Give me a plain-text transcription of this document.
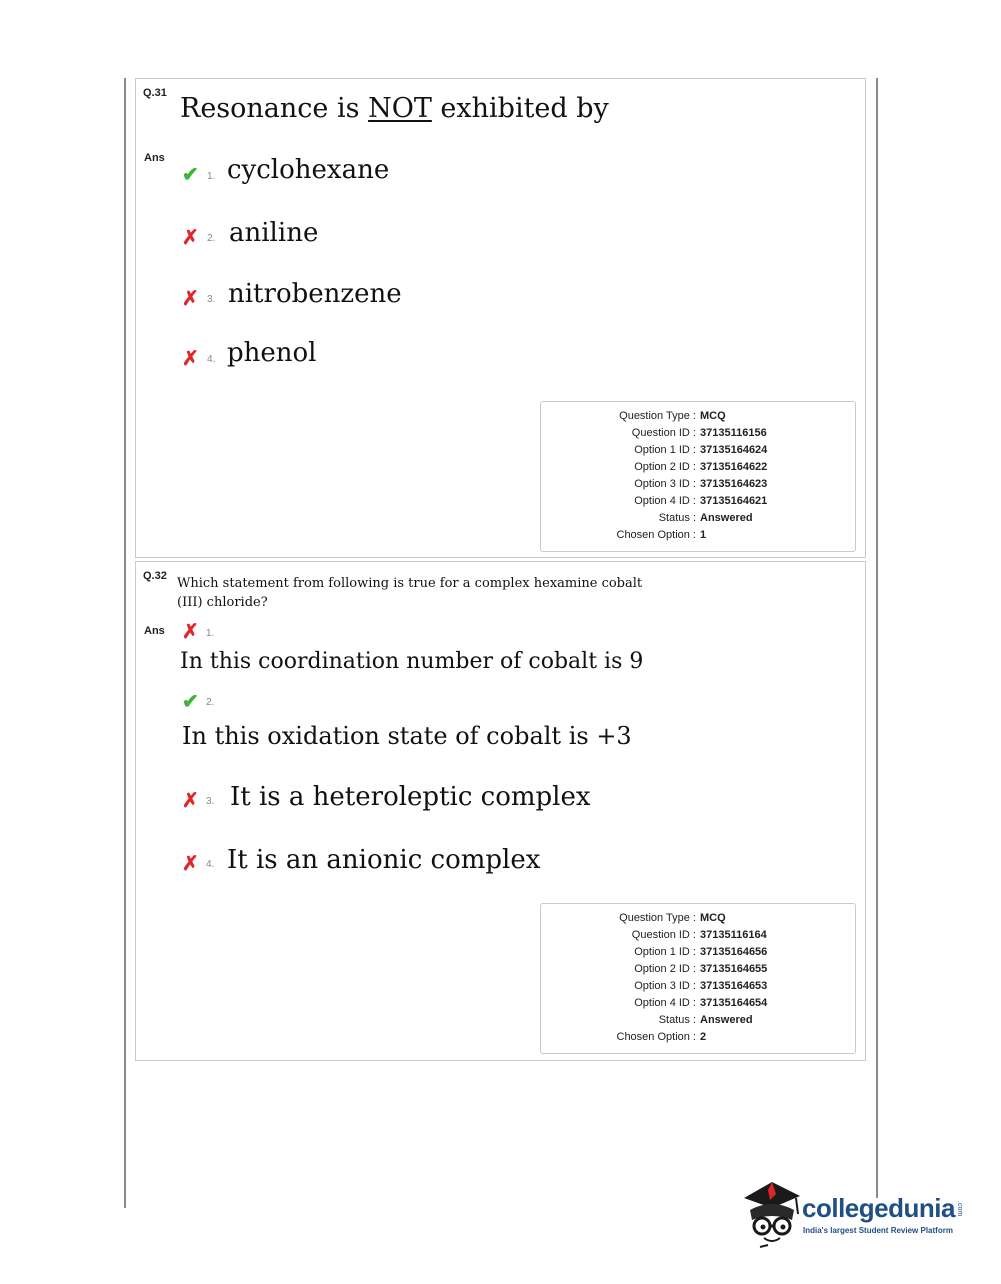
Q.31 Resonance is NOT exhibited by
Ans
✔ 1. cyclohexane
✗ 2. aniline
✗ 3. nitrobenzene
✗ 4. phenol
Question Type : MCQ
Question ID : 37135116156
Option 1 ID : 37135164624
Option 2 ID : 37135164622
Option 3 ID : 37135164623
Option 4 ID : 37135164621
Status : Answered
Chosen Option : 1
Q.32 Which statement from following is true for a complex hexamine cobalt (III) chloride?
Ans ✗ 1.
In this coordination number of cobalt is 9
✔ 2.
In this oxidation state of cobalt is +3
✗ 3. It is a heteroleptic complex
✗ 4. It is an anionic complex
Question Type : MCQ
Question ID : 37135116164
Option 1 ID : 37135164656
Option 2 ID : 37135164655
Option 3 ID : 37135164653
Option 4 ID : 37135164654
Status : Answered
Chosen Option : 2
collegedunia .com
India's largest Student Review Platform
